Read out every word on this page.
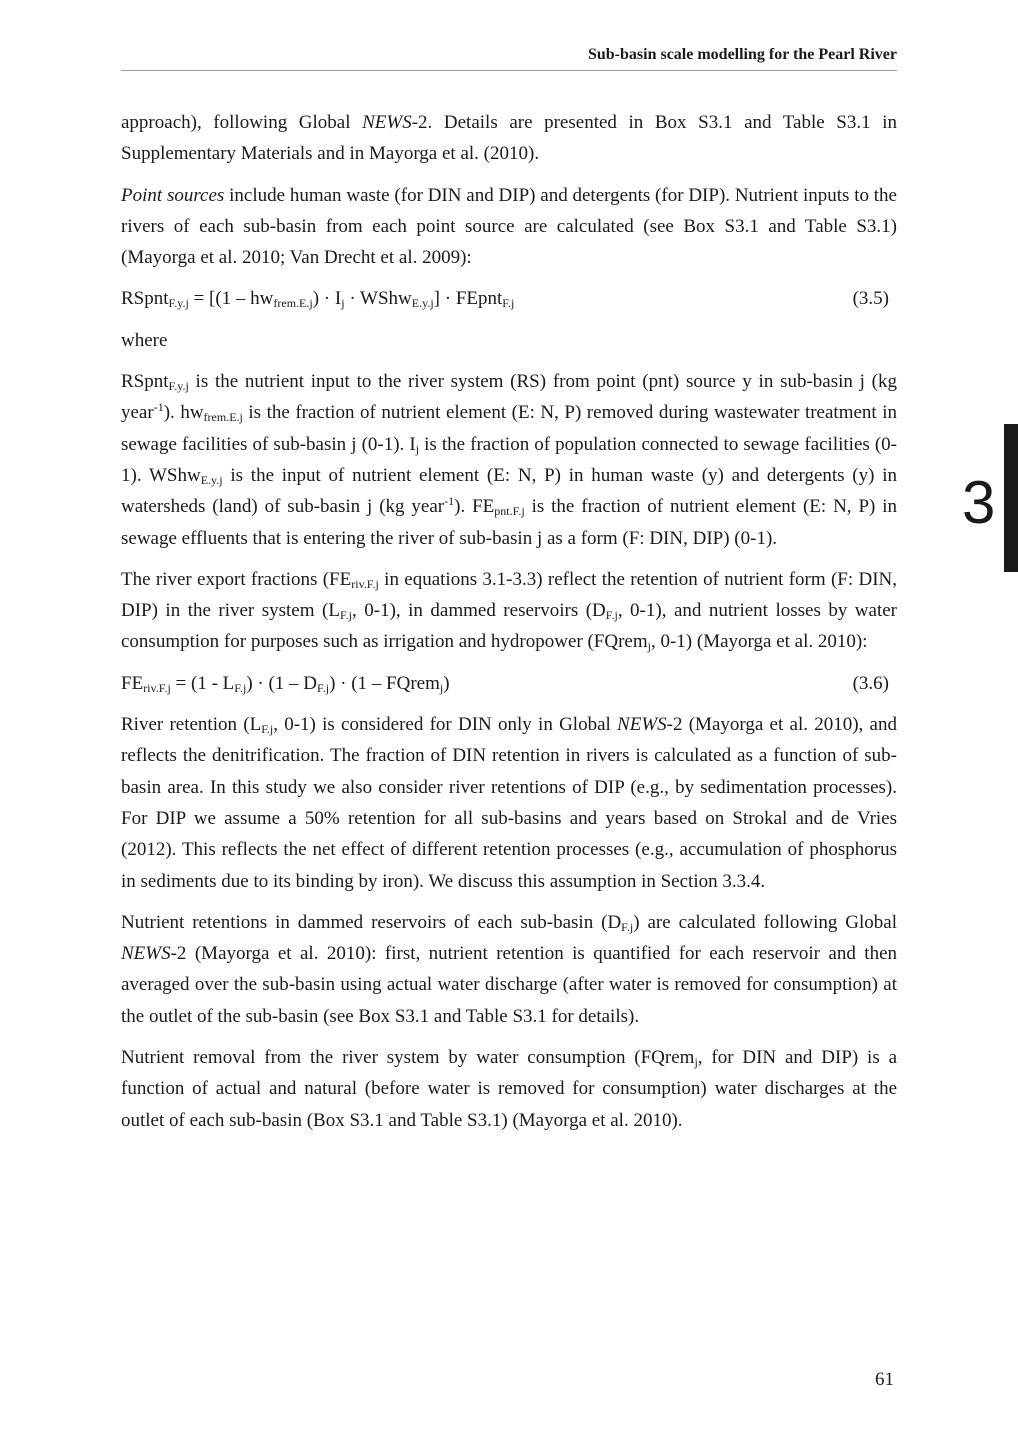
Sub-basin scale modelling for the Pearl River
3

approach), following Global NEWS-2. Details are presented in Box S3.1 and Table S3.1 in Supplementary Materials and in Mayorga et al. (2010).

Point sources include human waste (for DIN and DIP) and detergents (for DIP). Nutrient inputs to the rivers of each sub-basin from each point source are calculated (see Box S3.1 and Table S3.1) (Mayorga et al. 2010; Van Drecht et al. 2009):

RSpnt$_{F.y.j}$ = [$(1 - hw_{frem.E.j}) \cdot I_j$ · WShw$_{E.y.j}$] · FEpnt$_{F.j}$	(3.5)

where

RSpnt$_{F.y.j}$ is the nutrient input to the river system (RS) from point (pnt) source y in sub-basin j (kg year$^{-1}$). $hw_{frem.E.j}$ is the fraction of nutrient element (E: N, P) removed during wastewater treatment in sewage facilities of sub-basin j (0-1). $I_j$ is the fraction of population connected to sewage facilities (0-1). WShw$_{E.y.j}$ is the input of nutrient element (E: N, P) in human waste (y) and detergents (y) in watersheds (land) of sub-basin j (kg year$^{-1}$). $FE_{pnt.F.j}$ is the fraction of nutrient element (E: N, P) in sewage effluents that is entering the river of sub-basin j as a form (F: DIN, DIP) (0-1).

The river export fractions ($FE_{riv.F.j}$ in equations 3.1-3.3) reflect the retention of nutrient form (F: DIN, DIP) in the river system ($L_{F.j}$, 0-1), in dammed reservoirs ($D_{F.j}$, 0-1), and nutrient losses by water consumption for purposes such as irrigation and hydropower (FQrem$_j$, 0-1) (Mayorga et al. 2010):

$FE_{riv.F.j} = (1 - L_{F.j}) \cdot (1 - D_{F.j}) \cdot (1$ – FQrem$_j$)	(3.6)

River retention ($L_{F.j}$, 0-1) is considered for DIN only in Global NEWS-2 (Mayorga et al. 2010), and reflects the denitrification. The fraction of DIN retention in rivers is calculated as a function of sub-basin area. In this study we also consider river retentions of DIP (e.g., by sedimentation processes). For DIP we assume a 50% retention for all sub-basins and years based on Strokal and de Vries (2012). This reflects the net effect of different retention processes (e.g., accumulation of phosphorus in sediments due to its binding by iron). We discuss this assumption in Section 3.3.4.

Nutrient retentions in dammed reservoirs of each sub-basin $(D_{F.j})$ are calculated following Global NEWS-2 (Mayorga et al. 2010): first, nutrient retention is quantified for each reservoir and then averaged over the sub-basin using actual water discharge (after water is removed for consumption) at the outlet of the sub-basin (see Box S3.1 and Table S3.1 for details).

Nutrient removal from the river system by water consumption (FQrem$_j$, for DIN and DIP) is a function of actual and natural (before water is removed for consumption) water discharges at the outlet of each sub-basin (Box S3.1 and Table S3.1) (Mayorga et al. 2010).

61
